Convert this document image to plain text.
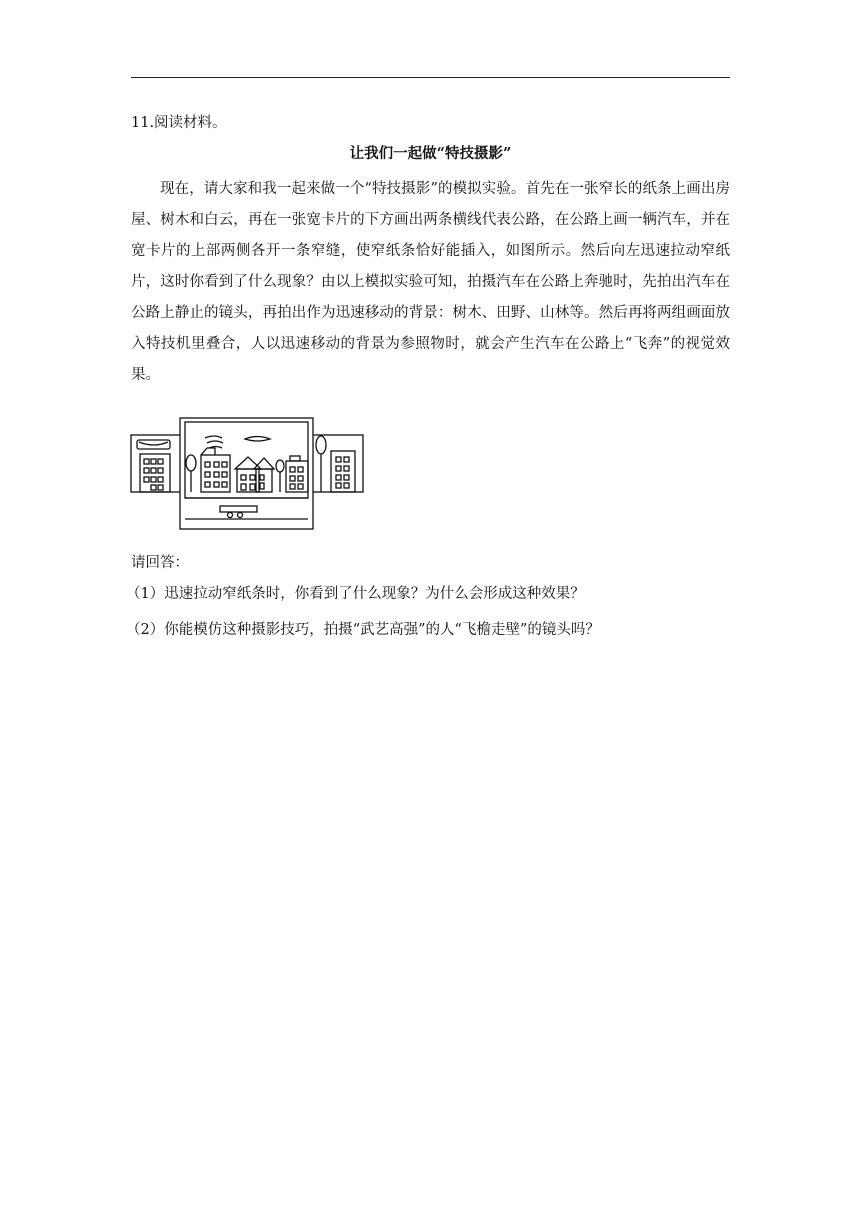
11.阅读材料。
让我们一起做“特技摄影”

现在，请大家和我一起来做一个“特技摄影”的模拟实验。首先在一张窄长的纸条上画出房屋、树木和白云，再在一张宽卡片的下方画出两条横线代表公路，在公路上画一辆汽车，并在宽卡片的上部两侧各开一条窄缝，使窄纸条恰好能插入，如图所示。然后向左迅速拉动窄纸片，这时你看到了什么现象？由以上模拟实验可知，拍摄汽车在公路上奔驰时，先拍出汽车在公路上静止的镜头，再拍出作为迅速移动的背景：树木、田野、山林等。然后再将两组画面放入特技机里叠合，人以迅速移动的背景为参照物时，就会产生汽车在公路上“飞奔”的视觉效果。

请回答：
（1）迅速拉动窄纸条时，你看到了什么现象？为什么会形成这种效果？
（2）你能模仿这种摄影技巧，拍摄“武艺高强”的人“飞檐走壁”的镜头吗？
